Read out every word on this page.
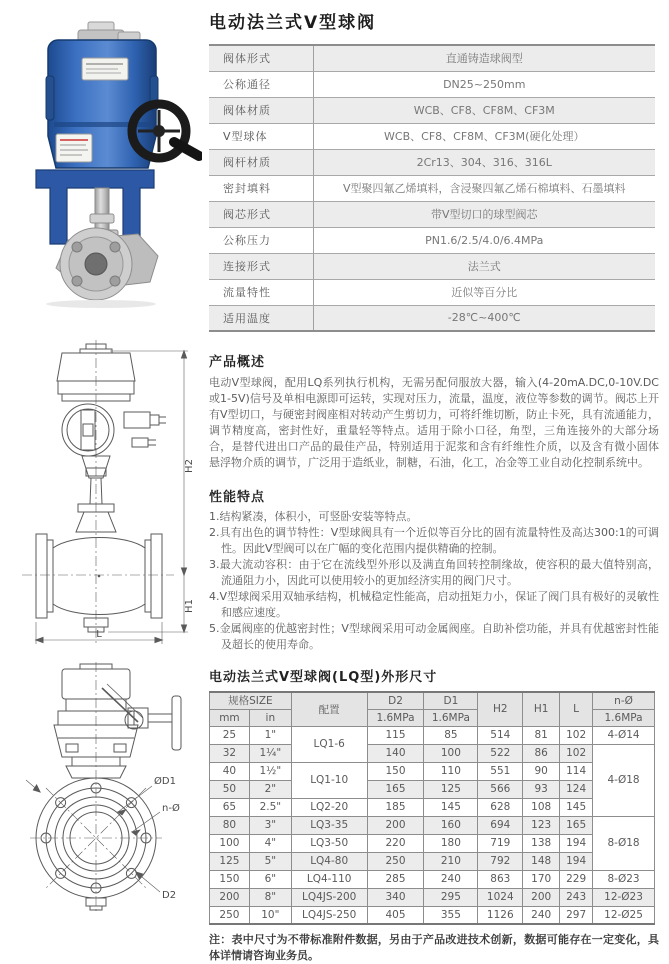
H2
H1
L
ØD1
n-Ø
D2
电动法兰式V型球阀
阀体形式	直通铸造球阀型
公称通径	DN25~250mm
阀体材质	WCB、CF8、CF8M、CF3M
V型球体	WCB、CF8、CF8M、CF3M(硬化处理）
阀杆材质	2Cr13、304、316、316L
密封填料	V型聚四氟乙烯填料，含浸聚四氟乙烯石棉填料、石墨填料
阀芯形式	带V型切口的球型阀芯
公称压力	PN1.6/2.5/4.0/6.4MPa
连接形式	法兰式
流量特性	近似等百分比
适用温度	-28℃~400℃
产品概述
电动V型球阀，配用LQ系列执行机构，无需另配伺服放大器，输入(4-20mA.DC,0-10V.DC或1-5V)信号及单相电源即可运转，实现对压力，流量，温度，液位等参数的调节。阀芯上开有V型切口，与硬密封阀座相对转动产生剪切力，可将纤维切断，防止卡死，具有流通能力，调节精度高，密封性好，重量轻等特点。适用于除小口径，角型，三角连接外的大部分场合，是替代进出口产品的最佳产品，特别适用于泥浆和含有纤维性介质，以及含有微小固体悬浮物介质的调节，广泛用于造纸业，制糖，石油，化工，冶金等工业自动化控制系统中。
性能特点
1.结构紧凑，体积小，可竖卧安装等特点。
2.具有出色的调节特性：V型球阀具有一个近似等百分比的固有流量特性及高达300:1的可调性。因此V型阀可以在广幅的变化范围内提供精确的控制。
3.最大流动容积：由于它在流线型外形以及满直角回转控制缘故，使容积的最大值特别高，流通阻力小，因此可以使用较小的更加经济实用的阀门尺寸。
4.V型球阀采用双轴承结构，机械稳定性能高，启动扭矩力小，保证了阀门具有极好的灵敏性和感应速度。
5.金属阀座的优越密封性；V型球阀采用可动金属阀座。自助补偿功能，并具有优越密封性能及超长的使用寿命。
电动法兰式V型球阀(LQ型)外形尺寸
规格SIZE		配置	D2	D1	H2	H1	L	n-Ø
mm	in		1.6MPa	1.6MPa				1.6MPa
25	1"	LQ1-6	115	85	514	81	102	4-Ø14
32	1¼"		140	100	522	86	102	4-Ø18
40	1½"	LQ1-10	150	110	551	90	114	
50	2"		165	125	566	93	124	
65	2.5"	LQ2-20	185	145	628	108	145	
80	3"	LQ3-35	200	160	694	123	165	8-Ø18
100	4"	LQ3-50	220	180	719	138	194	
125	5"	LQ4-80	250	210	792	148	194	
150	6"	LQ4-110	285	240	863	170	229	8-Ø23
200	8"	LQ4JS-200	340	295	1024	200	243	12-Ø23
250	10"	LQ4JS-250	405	355	1126	240	297	12-Ø25
注：表中尺寸为不带标准附件数据，另由于产品改进技术创新，数据可能存在一定变化，具体详情请咨询业务员。
